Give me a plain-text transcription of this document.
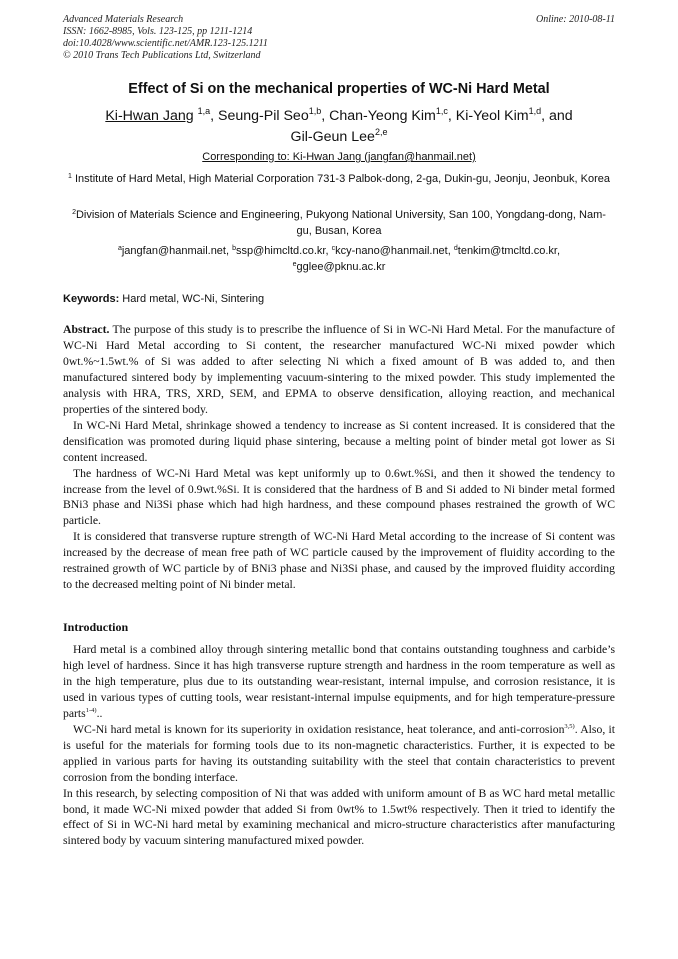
Advanced Materials Research
ISSN: 1662-8985, Vols. 123-125, pp 1211-1214
doi:10.4028/www.scientific.net/AMR.123-125.1211
© 2010 Trans Tech Publications Ltd, Switzerland
Online: 2010-08-11
Effect of Si on the mechanical properties of WC-Ni Hard Metal
Ki-Hwan Jang $^{1,a}$, Seung-Pil Seo$^{1,b}$, Chan-Yeong Kim$^{1,c}$, Ki-Yeol Kim$^{1,d}$, and
Gil-Geun Lee$^{2,e}$
Corresponding to: Ki-Hwan Jang (jangfan@hanmail.net)
$^1$ Institute of Hard Metal, High Material Corporation 731-3 Palbok-dong, 2-ga, Dukin-gu, Jeonju, Jeonbuk, Korea
$^2$Division of Materials Science and Engineering, Pukyong National University, San 100, Yongdang-dong, Nam-gu, Busan, Korea
$^a$jangfan@hanmail.net, $^b$ssp@himcltd.co.kr, $^c$kcy-nano@hanmail.net, $^d$tenkim@tmcltd.co.kr,
$^e$gglee@pknu.ac.kr
Keywords: Hard metal, WC-Ni, Sintering

Abstract. The purpose of this study is to prescribe the influence of Si in WC-Ni Hard Metal. For the manufacture of WC-Ni Hard Metal according to Si content, the researcher manufactured WC-Ni mixed powder which 0wt.%~1.5wt.% of Si was added to after selecting Ni which a fixed amount of B was added to, and then manufactured sintered body by implementing vacuum-sintering to the mixed powder. This study implemented the analysis with HRA, TRS, XRD, SEM, and EPMA to observe densification, alloying reaction, and mechanical properties of the sintered body.

In WC-Ni Hard Metal, shrinkage showed a tendency to increase as Si content increased. It is considered that the densification was promoted during liquid phase sintering, because a melting point of binder metal got lower as Si content increased.

The hardness of WC-Ni Hard Metal was kept uniformly up to 0.6wt.%Si, and then it showed the tendency to increase from the level of 0.9wt.%Si. It is considered that the hardness of B and Si added to Ni binder metal formed BNi3 phase and Ni3Si phase which had high hardness, and these compound phases restrained the growth of WC particle.

It is considered that transverse rupture strength of WC-Ni Hard Metal according to the increase of Si content was increased by the decrease of mean free path of WC particle caused by the improvement of fluidity according to the restrained growth of WC particle by of BNi3 phase and Ni3Si phase, and caused by the improved fluidity according to the decreased melting point of Ni binder metal.

Introduction

Hard metal is a combined alloy through sintering metallic bond that contains outstanding toughness and carbide’s high level of hardness. Since it has high transverse rupture strength and hardness in the room temperature as well as in the high temperature, plus due to its outstanding wear-resistant, internal impulse, and corrosion resistance, it is used in various types of cutting tools, wear resistant-internal impulse equipments, and for high temperature-pressure parts$^{1-4)}$..

WC-Ni hard metal is known for its superiority in oxidation resistance, heat tolerance, and anti-corrosion$^{3,5)}$. Also, it is useful for the materials for forming tools due to its non-magnetic characteristics. Further, it is expected to be applied in various parts for having its outstanding suitability with the steel that contain characteristics to prevent corrosion from the bonding interface.

In this research, by selecting composition of Ni that was added with uniform amount of B as WC hard metal metallic bond, it made WC-Ni mixed powder that added Si from 0wt% to 1.5wt% respectively. Then it tried to identify the effect of Si in WC-Ni hard metal by examining mechanical and micro-structure characteristics after manufacturing sintered body by vacuum sintering manufactured mixed powder.
